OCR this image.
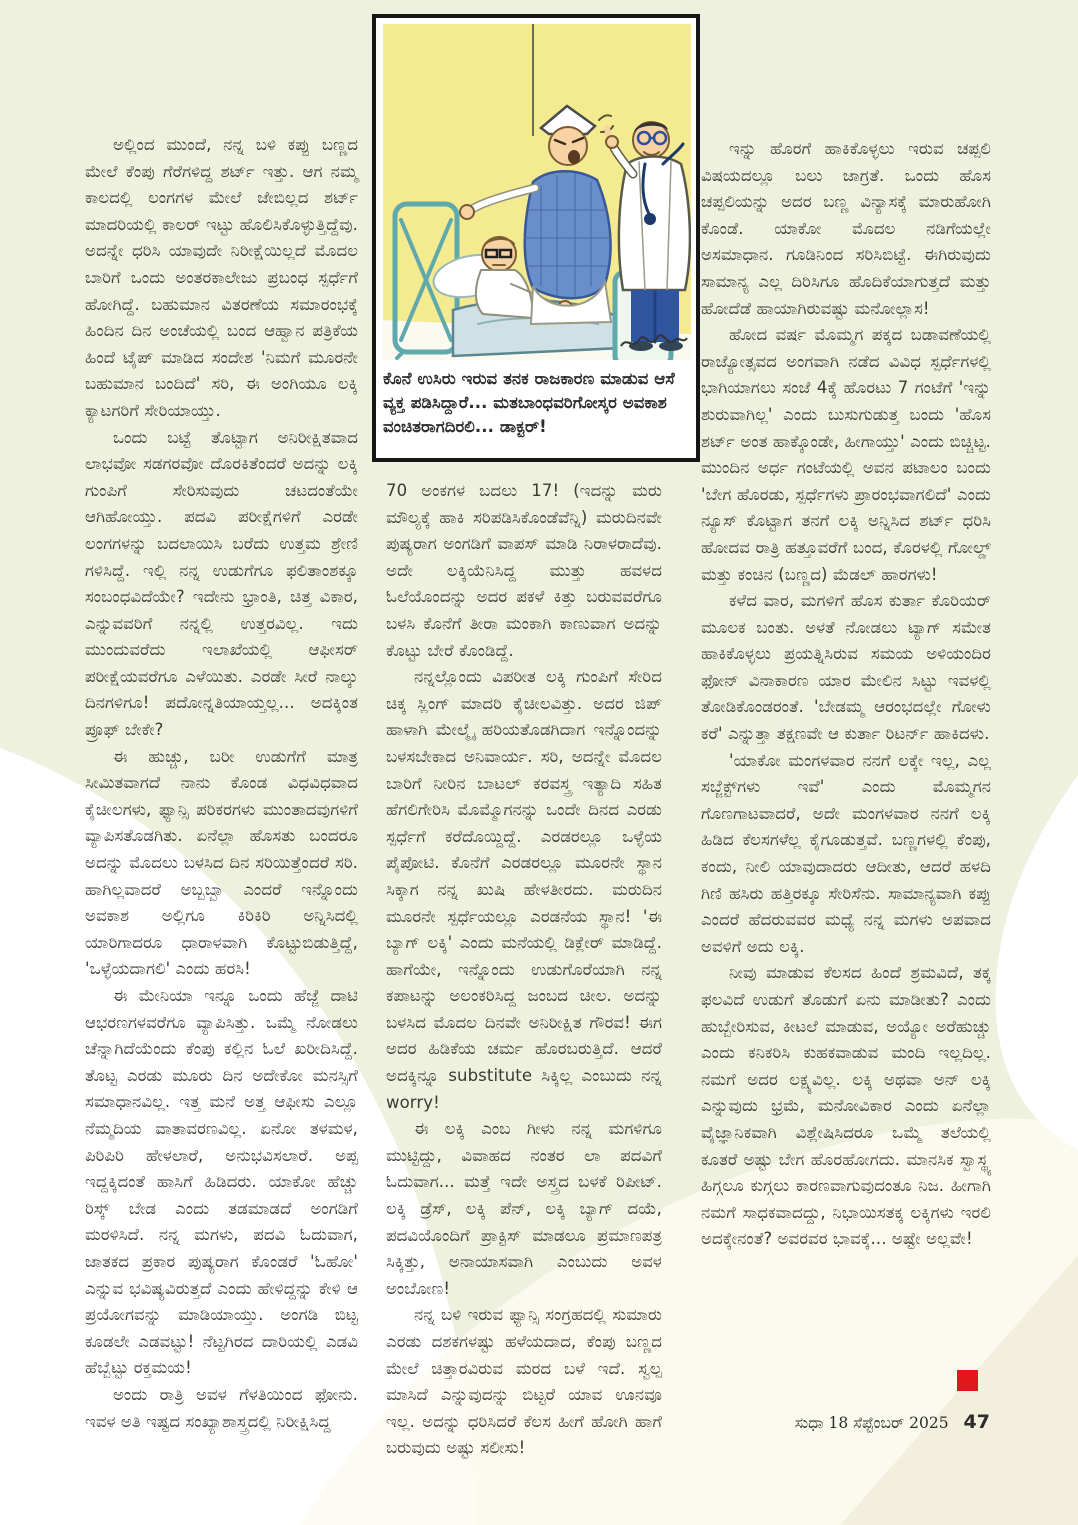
ಕೊನೆ ಉಸಿರು ಇರುವ ತನಕ ರಾಜಕಾರಣ ಮಾಡುವ ಆಸೆ ವ್ಯಕ್ತ ಪಡಿಸಿದ್ದಾರೆ... ಮತಬಾಂಧವರಿಗೋಸ್ಕರ ಅವಕಾಶ ವಂಚಿತರಾಗದಿರಲಿ... ಡಾಕ್ಟರ್!

ಅಲ್ಲಿಂದ ಮುಂದೆ, ನನ್ನ ಬಳಿ ಕಪ್ಪು ಬಣ್ಣದ ಮೇಲೆ ಕೆಂಪು ಗೆರೆಗಳಿದ್ದ ಶರ್ಟ್ ಇತ್ತು. ಆಗ ನಮ್ಮ ಕಾಲದಲ್ಲಿ ಲಂಗಗಳ ಮೇಲೆ ಜೇಬಿಲ್ಲದ ಶರ್ಟ್ ಮಾದರಿಯಲ್ಲಿ ಕಾಲರ್ ಇಟ್ಟು ಹೊಲಿಸಿಕೊಳ್ಳುತ್ತಿದ್ದೆವು. ಅದನ್ನೇ ಧರಿಸಿ ಯಾವುದೇ ನಿರೀಕ್ಷೆಯಿಲ್ಲದೆ ಮೊದಲ ಬಾರಿಗೆ ಒಂದು ಅಂತರಕಾಲೇಜು ಪ್ರಬಂಧ ಸ್ಪರ್ಧೆಗೆ ಹೋಗಿದ್ದೆ. ಬಹುಮಾನ ವಿತರಣೆಯ ಸಮಾರಂಭಕ್ಕೆ ಹಿಂದಿನ ದಿನ ಅಂಚೆಯಲ್ಲಿ ಬಂದ ಆಹ್ವಾನ ಪತ್ರಿಕೆಯ ಹಿಂದೆ ಟೈಪ್ ಮಾಡಿದ ಸಂದೇಶ 'ನಿಮಗೆ ಮೂರನೇ ಬಹುಮಾನ ಬಂದಿದೆ' ಸರಿ, ಈ ಅಂಗಿಯೂ ಲಕ್ಕಿ ಕ್ಯಾಟಗರಿಗೆ ಸೇರಿಯಾಯ್ತು.

ಒಂದು ಬಟ್ಟೆ ತೊಟ್ಟಾಗ ಅನಿರೀಕ್ಷಿತವಾದ ಲಾಭವೋ ಸಡಗರವೋ ದೊರಕಿತೆಂದರೆ ಅದನ್ನು ಲಕ್ಕಿ ಗುಂಪಿಗೆ ಸೇರಿಸುವುದು ಚಟದಂತೆಯೇ ಆಗಿಹೋಯ್ತು. ಪದವಿ ಪರೀಕ್ಷೆಗಳಿಗೆ ಎರಡೇ ಲಂಗಗಳನ್ನು ಬದಲಾಯಿಸಿ ಬರೆದು ಉತ್ತಮ ಶ್ರೇಣಿ ಗಳಿಸಿದ್ದೆ. ಇಲ್ಲಿ ನನ್ನ ಉಡುಗೆಗೂ ಫಲಿತಾಂಶಕ್ಕೂ ಸಂಬಂಧವಿದೆಯೇ? ಇದೇನು ಭ್ರಾಂತಿ, ಚಿತ್ತ ವಿಕಾರ, ಎನ್ನುವವರಿಗೆ ನನ್ನಲ್ಲಿ ಉತ್ತರವಿಲ್ಲ. ಇದು ಮುಂದುವರೆದು ಇಲಾಖೆಯಲ್ಲಿ ಆಫೀಸರ್ ಪರೀಕ್ಷೆಯವರೆಗೂ ಎಳೆಯಿತು. ಎರಡೇ ಸೀರೆ ನಾಲ್ಕು ದಿನಗಳಿಗೂ! ಪದೋನ್ನತಿಯಾಯ್ತಲ್ಲ... ಅದಕ್ಕಿಂತ ಪ್ರೂಫ್ ಬೇಕೇ?

ಈ ಹುಚ್ಚು, ಬರೀ ಉಡುಗೆಗೆ ಮಾತ್ರ ಸೀಮಿತವಾಗದೆ ನಾನು ಕೊಂಡ ವಿಧವಿಧವಾದ ಕೈಚೀಲಗಳು, ಫ್ಯಾನ್ಸಿ ಪರಿಕರಗಳು ಮುಂತಾದವುಗಳಿಗೆ ವ್ಯಾಪಿಸತೊಡಗಿತು. ಏನೆಲ್ಲಾ ಹೊಸತು ಬಂದರೂ ಅದನ್ನು ಮೊದಲು ಬಳಸಿದ ದಿನ ಸರಿಯಿತ್ತೆಂದರೆ ಸರಿ. ಹಾಗಿಲ್ಲವಾದರೆ ಅಬ್ಬಬ್ಬಾ ಎಂದರೆ ಇನ್ನೊಂದು ಅವಕಾಶ ಅಲ್ಲಿಗೂ ಕಿರಿಕಿರಿ ಅನ್ನಿಸಿದಲ್ಲಿ ಯಾರಿಗಾದರೂ ಧಾರಾಳವಾಗಿ ಕೊಟ್ಟುಬಿಡುತ್ತಿದ್ದೆ, 'ಒಳ್ಳೆಯದಾಗಲಿ' ಎಂದು ಹರಸಿ!

ಈ ಮೇನಿಯಾ ಇನ್ನೂ ಒಂದು ಹೆಜ್ಜೆ ದಾಟಿ ಆಭರಣಗಳವರೆಗೂ ವ್ಯಾಪಿಸಿತ್ತು. ಒಮ್ಮೆ ನೋಡಲು ಚೆನ್ನಾಗಿದೆಯೆಂದು ಕೆಂಪು ಕಲ್ಲಿನ ಓಲೆ ಖರೀದಿಸಿದ್ದೆ. ತೊಟ್ಟ ಎರಡು ಮೂರು ದಿನ ಅದೇಕೋ ಮನಸ್ಸಿಗೆ ಸಮಾಧಾನವಿಲ್ಲ. ಇತ್ತ ಮನೆ ಅತ್ತ ಆಫೀಸು ಎಲ್ಲೂ ನೆಮ್ಮದಿಯ ವಾತಾವರಣವಿಲ್ಲ. ಏನೋ ತಳಮಳ, ಪಿರಿಪಿರಿ ಹೇಳಲಾರೆ, ಅನುಭವಿಸಲಾರೆ. ಅಪ್ಪ ಇದ್ದಕ್ಕಿದಂತೆ ಹಾಸಿಗೆ ಹಿಡಿದರು. ಯಾಕೋ ಹೆಚ್ಚು ರಿಸ್ಕ್ ಬೇಡ ಎಂದು ತಡಮಾಡದೆ ಅಂಗಡಿಗೆ ಮರಳಿಸಿದೆ. ನನ್ನ ಮಗಳು, ಪದವಿ ಓದುವಾಗ, ಜಾತಕದ ಪ್ರಕಾರ ಪುಷ್ಯರಾಗ ಕೊಂಡರೆ 'ಓಹೋ' ಎನ್ನುವ ಭವಿಷ್ಯವಿರುತ್ತದೆ ಎಂದು ಹೇಳಿದ್ದನ್ನು ಕೇಳಿ ಆ ಪ್ರಯೋಗವನ್ನು ಮಾಡಿಯಾಯ್ತು. ಅಂಗಡಿ ಬಿಟ್ಟ ಕೂಡಲೇ ಎಡವಟ್ಟು! ನೆಟ್ಟಗಿರದ ದಾರಿಯಲ್ಲಿ ಎಡವಿ ಹೆಬ್ಬೆಟ್ಟು ರಕ್ತಮಯ!

ಅಂದು ರಾತ್ರಿ ಅವಳ ಗೆಳತಿಯಿಂದ ಫೋನು. ಇವಳ ಅತಿ ಇಷ್ಟದ ಸಂಖ್ಯಾಶಾಸ್ತ್ರದಲ್ಲಿ ನಿರೀಕ್ಷಿಸಿದ್ದ

70 ಅಂಕಗಳ ಬದಲು 17! (ಇದನ್ನು ಮರು ಮೌಲ್ಯಕ್ಕೆ ಹಾಕಿ ಸರಿಪಡಿಸಿಕೊಂಡೆವೆನ್ನಿ) ಮರುದಿನವೇ ಪುಷ್ಯರಾಗ ಅಂಗಡಿಗೆ ವಾಪಸ್ ಮಾಡಿ ನಿರಾಳರಾದೆವು. ಅದೇ ಲಕ್ಕಿಯೆನಿಸಿದ್ದ ಮುತ್ತು ಹವಳದ ಓಲೆಯೊಂದನ್ನು ಅದರ ಪಕಳೆ ಕಿತ್ತು ಬರುವವರೆಗೂ ಬಳಸಿ ಕೊನೆಗೆ ತೀರಾ ಮಂಕಾಗಿ ಕಾಣುವಾಗ ಅದನ್ನು ಕೊಟ್ಟು ಬೇರೆ ಕೊಂಡಿದ್ದೆ.

ನನ್ನಲ್ಲೊಂದು ವಿಪರೀತ ಲಕ್ಕಿ ಗುಂಪಿಗೆ ಸೇರಿದ ಚಿಕ್ಕ ಸ್ಲಿಂಗ್ ಮಾದರಿ ಕೈಚೀಲವಿತ್ತು. ಅದರ ಜಿಪ್ ಹಾಳಾಗಿ ಮೇಲ್ಮೈ ಹರಿಯತೊಡಗಿದಾಗ ಇನ್ನೊಂದನ್ನು ಬಳಸಬೇಕಾದ ಅನಿವಾರ್ಯ. ಸರಿ, ಅದನ್ನೇ ಮೊದಲ ಬಾರಿಗೆ ನೀರಿನ ಬಾಟಲ್ ಕರವಸ್ತ್ರ ಇತ್ಯಾದಿ ಸಹಿತ ಹೆಗಲಿಗೇರಿಸಿ ಮೊಮ್ಮೊಗನನ್ನು ಒಂದೇ ದಿನದ ಎರಡು ಸ್ಪರ್ಧೆಗೆ ಕರೆದೊಯ್ದಿದ್ದೆ. ಎರಡರಲ್ಲೂ ಒಳ್ಳೆಯ ಪೈಪೋಟಿ. ಕೊನೆಗೆ ಎರಡರಲ್ಲೂ ಮೂರನೇ ಸ್ಥಾನ ಸಿಕ್ಕಾಗ ನನ್ನ ಖುಷಿ ಹೇಳತೀರದು. ಮರುದಿನ ಮೂರನೇ ಸ್ಪರ್ಧೆಯಲ್ಲೂ ಎರಡನೆಯ ಸ್ಥಾನ! 'ಈ ಬ್ಯಾಗ್ ಲಕ್ಕಿ' ಎಂದು ಮನೆಯಲ್ಲಿ ಡಿಕ್ಲೇರ್ ಮಾಡಿದ್ದೆ. ಹಾಗೆಯೇ, ಇನ್ನೊಂದು ಉಡುಗೊರೆಯಾಗಿ ನನ್ನ ಕಪಾಟನ್ನು ಅಲಂಕರಿಸಿದ್ದ ಜಂಬದ ಚೀಲ. ಅದನ್ನು ಬಳಸಿದ ಮೊದಲ ದಿನವೇ ಅನಿರೀಕ್ಷಿತ ಗೌರವ! ಈಗ ಅದರ ಹಿಡಿಕೆಯ ಚರ್ಮ ಹೊರಬರುತ್ತಿದೆ. ಆದರೆ ಅದಕ್ಕಿನ್ನೂ substitute ಸಿಕ್ಕಿಲ್ಲ ಎಂಬುದು ನನ್ನ worry!

ಈ ಲಕ್ಕಿ ಎಂಬ ಗೀಳು ನನ್ನ ಮಗಳಿಗೂ ಮುಟ್ಟಿದ್ದು, ವಿವಾಹದ ನಂತರ ಲಾ ಪದವಿಗೆ ಓದುವಾಗ... ಮತ್ತೆ ಇದೇ ಅಸ್ತ್ರದ ಬಳಕೆ ರಿಪೀಟ್. ಲಕ್ಕಿ ಡ್ರೆಸ್, ಲಕ್ಕಿ ಪೆನ್, ಲಕ್ಕಿ ಬ್ಯಾಗ್ ದಯೆ, ಪದವಿಯೊಂದಿಗೆ ಪ್ರಾಕ್ಟಿಸ್ ಮಾಡಲೂ ಪ್ರಮಾಣಪತ್ರ ಸಿಕ್ಕಿತ್ತು, ಅನಾಯಾಸವಾಗಿ ಎಂಬುದು ಅವಳ ಅಂಬೋಣ!

ನನ್ನ ಬಳಿ ಇರುವ ಫ್ಯಾನ್ಸಿ ಸಂಗ್ರಹದಲ್ಲಿ ಸುಮಾರು ಎರಡು ದಶಕಗಳಷ್ಟು ಹಳೆಯದಾದ, ಕೆಂಪು ಬಣ್ಣದ ಮೇಲೆ ಚಿತ್ತಾರವಿರುವ ಮರದ ಬಳೆ ಇದೆ. ಸ್ವಲ್ಪ ಮಾಸಿದೆ ಎನ್ನುವುದನ್ನು ಬಿಟ್ಟರೆ ಯಾವ ಊನವೂ ಇಲ್ಲ. ಅದನ್ನು ಧರಿಸಿದರೆ ಕೆಲಸ ಹೀಗೆ ಹೋಗಿ ಹಾಗೆ ಬರುವುದು ಅಷ್ಟು ಸಲೀಸು!

ಇನ್ನು ಹೊರಗೆ ಹಾಕಿಕೊಳ್ಳಲು ಇರುವ ಚಪ್ಪಲಿ ವಿಷಯದಲ್ಲೂ ಬಲು ಜಾಗ್ರತೆ. ಒಂದು ಹೊಸ ಚಪ್ಪಲಿಯನ್ನು ಅದರ ಬಣ್ಣ ವಿನ್ಯಾಸಕ್ಕೆ ಮಾರುಹೋಗಿ ಕೊಂಡೆ. ಯಾಕೋ ಮೊದಲ ನಡಿಗೆಯಲ್ಲೇ ಅಸಮಾಧಾನ. ಗೂಡಿನಿಂದ ಸರಿಸಿಬಿಟ್ಟೆ. ಈಗಿರುವುದು ಸಾಮಾನ್ಯ ಎಲ್ಲ ದಿರಿಸಿಗೂ ಹೊದಿಕೆಯಾಗುತ್ತದೆ ಮತ್ತು ಹೋದೆಡೆ ಹಾಯಾಗಿರುವಷ್ಟು ಮನೋಲ್ಲಾಸ!

ಹೋದ ವರ್ಷ ಮೊಮ್ಮಗ ಪಕ್ಕದ ಬಡಾವಣೆಯಲ್ಲಿ ರಾಜ್ಯೋತ್ಸವದ ಅಂಗವಾಗಿ ನಡೆದ ವಿವಿಧ ಸ್ಪರ್ಧೆಗಳಲ್ಲಿ ಭಾಗಿಯಾಗಲು ಸಂಜೆ 4ಕ್ಕೆ ಹೊರಟು 7 ಗಂಟೆಗೆ 'ಇನ್ನು ಶುರುವಾಗಿಲ್ಲ' ಎಂದು ಬುಸುಗುಡುತ್ತ ಬಂದು 'ಹೊಸ ಶರ್ಟ್ ಅಂತ ಹಾಕ್ಕೊಂಡೇ, ಹೀಗಾಯ್ತು' ಎಂದು ಬಿಚ್ಚಿಟ್ಟ. ಮುಂದಿನ ಅರ್ಧ ಗಂಟೆಯಲ್ಲಿ ಅವನ ಪಟಾಲಂ ಬಂದು 'ಬೇಗ ಹೊರಡು, ಸ್ಪರ್ಧೆಗಳು ಪ್ರಾರಂಭವಾಗಲಿದೆ' ಎಂದು ನ್ಯೂಸ್ ಕೊಟ್ಟಾಗ ತನಗೆ ಲಕ್ಕಿ ಅನ್ನಿಸಿದ ಶರ್ಟ್ ಧರಿಸಿ ಹೋದವ ರಾತ್ರಿ ಹತ್ತೂವರೆಗೆ ಬಂದ, ಕೊರಳಲ್ಲಿ ಗೋಲ್ಡ್ ಮತ್ತು ಕಂಚಿನ (ಬಣ್ಣದ) ಮೆಡಲ್ ಹಾರಗಳು!

ಕಳೆದ ವಾರ, ಮಗಳಿಗೆ ಹೊಸ ಕುರ್ತಾ ಕೊರಿಯರ್ ಮೂಲಕ ಬಂತು. ಅಳತೆ ನೋಡಲು ಟ್ಯಾಗ್ ಸಮೇತ ಹಾಕಿಕೊಳ್ಳಲು ಪ್ರಯತ್ನಿಸಿರುವ ಸಮಯ ಅಳಿಯಂದಿರ ಫೋನ್ ವಿನಾಕಾರಣ ಯಾರ ಮೇಲಿನ ಸಿಟ್ಟು ಇವಳಲ್ಲಿ ತೋಡಿಕೊಂಡರಂತೆ. 'ಬೇಡಮ್ಮ ಆರಂಭದಲ್ಲೇ ಗೋಳು ಕರೆ' ಎನ್ನುತ್ತಾ ತಕ್ಷಣವೇ ಆ ಕುರ್ತಾ ರಿಟರ್ನ್ ಹಾಕಿದಳು.

'ಯಾಕೋ ಮಂಗಳವಾರ ನನಗೆ ಲಕ್ಕೇ ಇಲ್ಲ, ಎಲ್ಲ ಸಬ್ಜೆಕ್ಟ್‌ಗಳು ಇವೆ' ಎಂದು ಮೊಮ್ಮಗನ ಗೊಣಗಾಟವಾದರೆ, ಅದೇ ಮಂಗಳವಾರ ನನಗೆ ಲಕ್ಕಿ ಹಿಡಿದ ಕೆಲಸಗಳೆಲ್ಲ ಕೈಗೂಡುತ್ತವೆ. ಬಣ್ಣಗಳಲ್ಲಿ ಕೆಂಪು, ಕಂದು, ನೀಲಿ ಯಾವುದಾದರು ಆದೀತು, ಆದರೆ ಹಳದಿ ಗಿಣಿ ಹಸಿರು ಹತ್ತಿರಕ್ಕೂ ಸೇರಿಸೆನು. ಸಾಮಾನ್ಯವಾಗಿ ಕಪ್ಪು ಎಂದರೆ ಹೆದರುವವರ ಮಧ್ಯೆ ನನ್ನ ಮಗಳು ಅಪವಾದ ಅವಳಿಗೆ ಅದು ಲಕ್ಕಿ.

ನೀವು ಮಾಡುವ ಕೆಲಸದ ಹಿಂದೆ ಶ್ರಮವಿದೆ, ತಕ್ಕ ಫಲವಿದೆ ಉಡುಗೆ ತೊಡುಗೆ ಏನು ಮಾಡೀತು? ಎಂದು ಹುಬ್ಬೇರಿಸುವ, ಕೀಟಲೆ ಮಾಡುವ, ಅಯ್ಯೋ ಅರೆಹುಚ್ಚು ಎಂದು ಕನಿಕರಿಸಿ ಕುಹಕವಾಡುವ ಮಂದಿ ಇಲ್ಲದಿಲ್ಲ. ನಮಗೆ ಅದರ ಲಕ್ಷ್ಯವಿಲ್ಲ. ಲಕ್ಕಿ ಅಥವಾ ಅನ್ ಲಕ್ಕಿ ಎನ್ನುವುದು ಭ್ರಮೆ, ಮನೋವಿಕಾರ ಎಂದು ಏನೆಲ್ಲಾ ವೈಜ್ಞಾನಿಕವಾಗಿ ವಿಶ್ಲೇಷಿಸಿದರೂ ಒಮ್ಮೆ ತಲೆಯಲ್ಲಿ ಕೂತರೆ ಅಷ್ಟು ಬೇಗ ಹೊರಹೋಗದು. ಮಾನಸಿಕ ಸ್ವಾಸ್ಥ್ಯ ಹಿಗ್ಗಲೂ ಕುಗ್ಗಲು ಕಾರಣವಾಗುವುದಂತೂ ನಿಜ. ಹೀಗಾಗಿ ನಮಗೆ ಸಾಧಕವಾದದ್ದು, ನಿಭಾಯಿಸತಕ್ಕ ಲಕ್ಕಿಗಳು ಇರಲಿ ಅದಕ್ಕೇನಂತೆ? ಅವರವರ ಭಾವಕ್ಕೆ... ಅಷ್ಟೇ ಅಲ್ಲವೇ!

ಸುಧಾ 18 ಸೆಪ್ಟೆಂಬರ್ 2025 47
